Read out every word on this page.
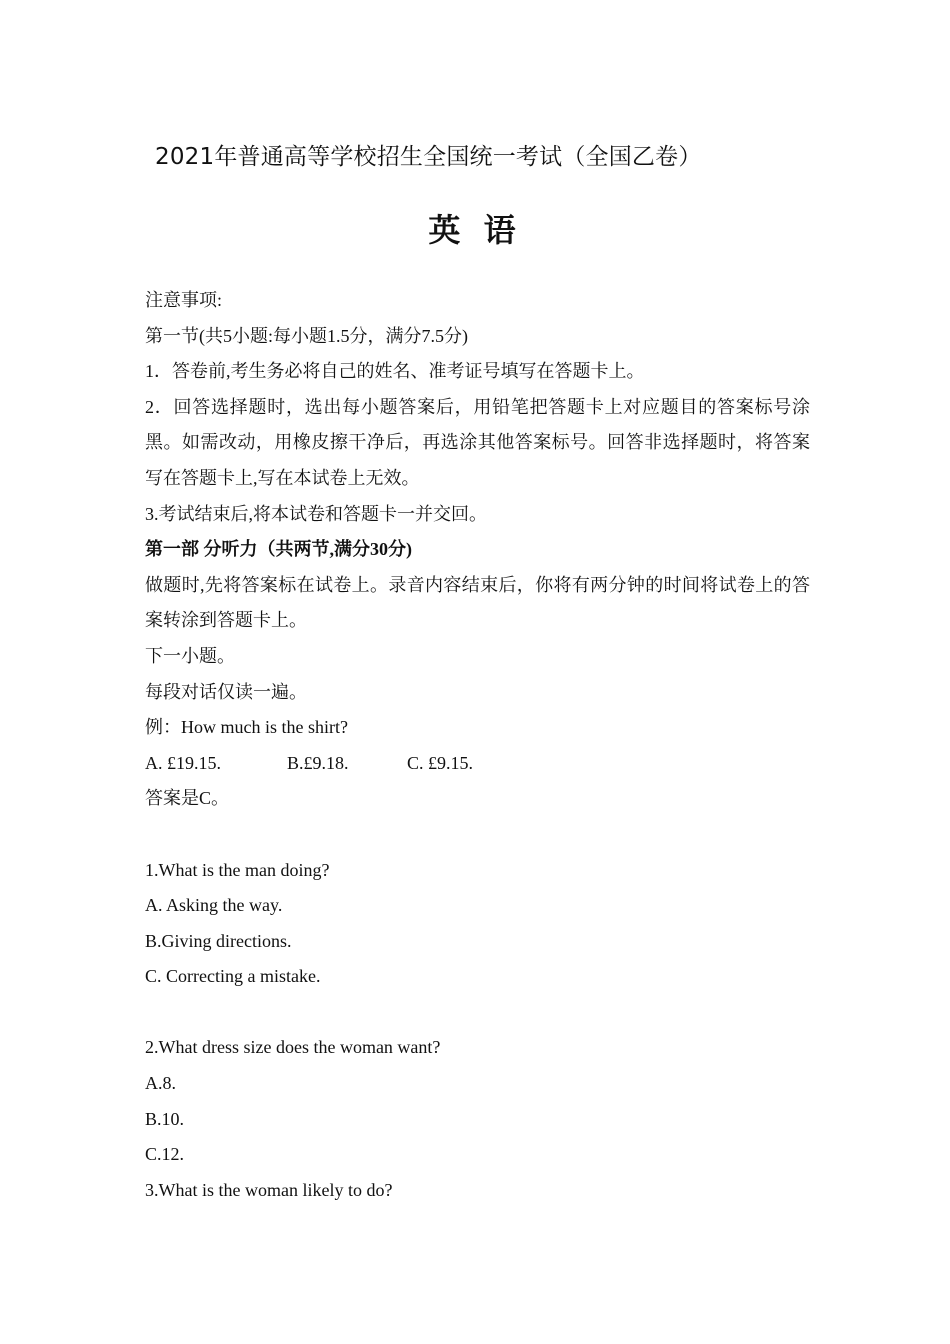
2021年普通高等学校招生全国统一考试（全国乙卷）
英 语
注意事项:
第一节(共5小题:每小题1.5分，满分7.5分)
1．答卷前,考生务必将自己的姓名、准考证号填写在答题卡上。
2．回答选择题时，选出每小题答案后，用铅笔把答题卡上对应题目的答案标号涂黑。如需改动，用橡皮擦干净后，再选涂其他答案标号。回答非选择题时，将答案写在答题卡上,写在本试卷上无效。
3.考试结束后,将本试卷和答题卡一并交回。
第一部 分听力（共两节,满分30分)
做题时,先将答案标在试卷上。录音内容结束后，你将有两分钟的时间将试卷上的答案转涂到答题卡上。
下一小题。
每段对话仅读一遍。
例：How much is the shirt?
A. £19.15.	B.£9.18.	C. £9.15.
答案是C。
1.What is the man doing?
A. Asking the way.
B.Giving directions.
C. Correcting a mistake.
2.What dress size does the woman want?
A.8.
B.10.
C.12.
3.What is the woman likely to do?
